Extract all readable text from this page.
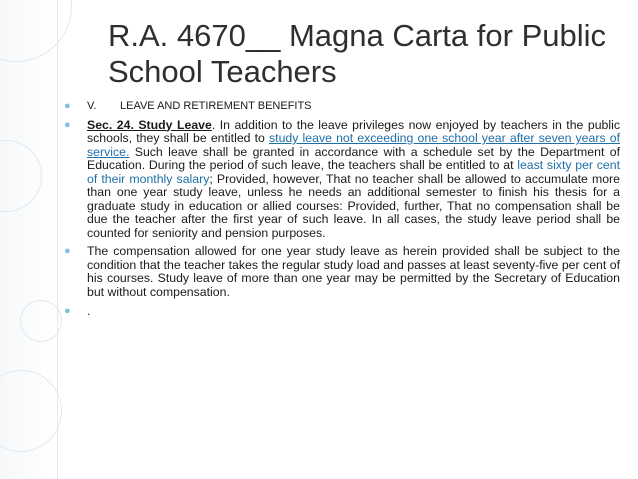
R.A. 4670__ Magna Carta for Public School Teachers
● V. LEAVE AND RETIREMENT BENEFITS
● Sec. 24. Study Leave. In addition to the leave privileges now enjoyed by teachers in the public schools, they shall be entitled to study leave not exceeding one school year after seven years of service. Such leave shall be granted in accordance with a schedule set by the Department of Education. During the period of such leave, the teachers shall be entitled to at least sixty per cent of their monthly salary; Provided, however, That no teacher shall be allowed to accumulate more than one year study leave, unless he needs an additional semester to finish his thesis for a graduate study in education or allied courses: Provided, further, That no compensation shall be due the teacher after the first year of such leave. In all cases, the study leave period shall be counted for seniority and pension purposes.
● The compensation allowed for one year study leave as herein provided shall be subject to the condition that the teacher takes the regular study load and passes at least seventy-five per cent of his courses. Study leave of more than one year may be permitted by the Secretary of Education but without compensation.
● .
